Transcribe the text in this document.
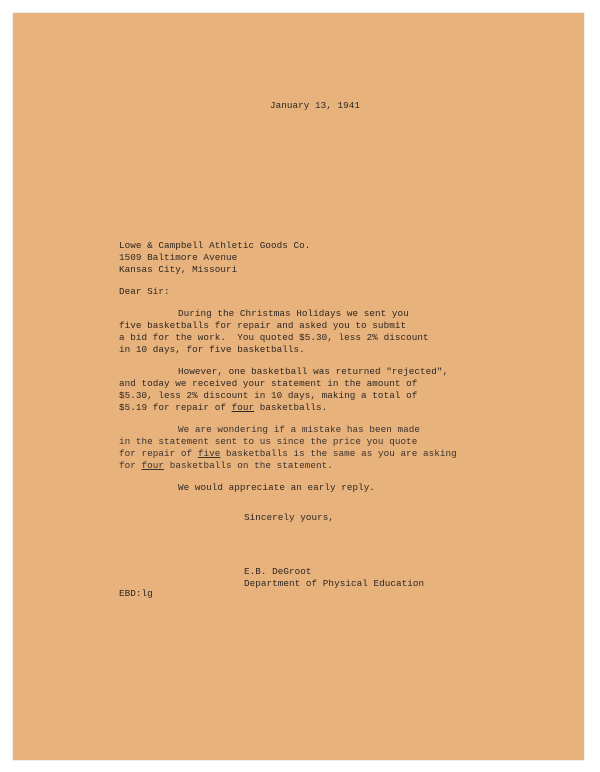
January 13, 1941
Lowe & Campbell Athletic Goods Co.
1509 Baltimore Avenue
Kansas City, Missouri
Dear Sir:
During the Christmas Holidays we sent you
five basketballs for repair and asked you to submit
a bid for the work.  You quoted $5.30, less 2% discount
in 10 days, for five basketballs.
However, one basketball was returned "rejected",
and today we received your statement in the amount of
$5.30, less 2% discount in 10 days, making a total of
$5.19 for repair of four basketballs.
We are wondering if a mistake has been made
in the statement sent to us since the price you quote
for repair of five basketballs is the same as you are asking
for four basketballs on the statement.
We would appreciate an early reply.
Sincerely yours,
E.B. DeGroot
Department of Physical Education
EBD:lg
